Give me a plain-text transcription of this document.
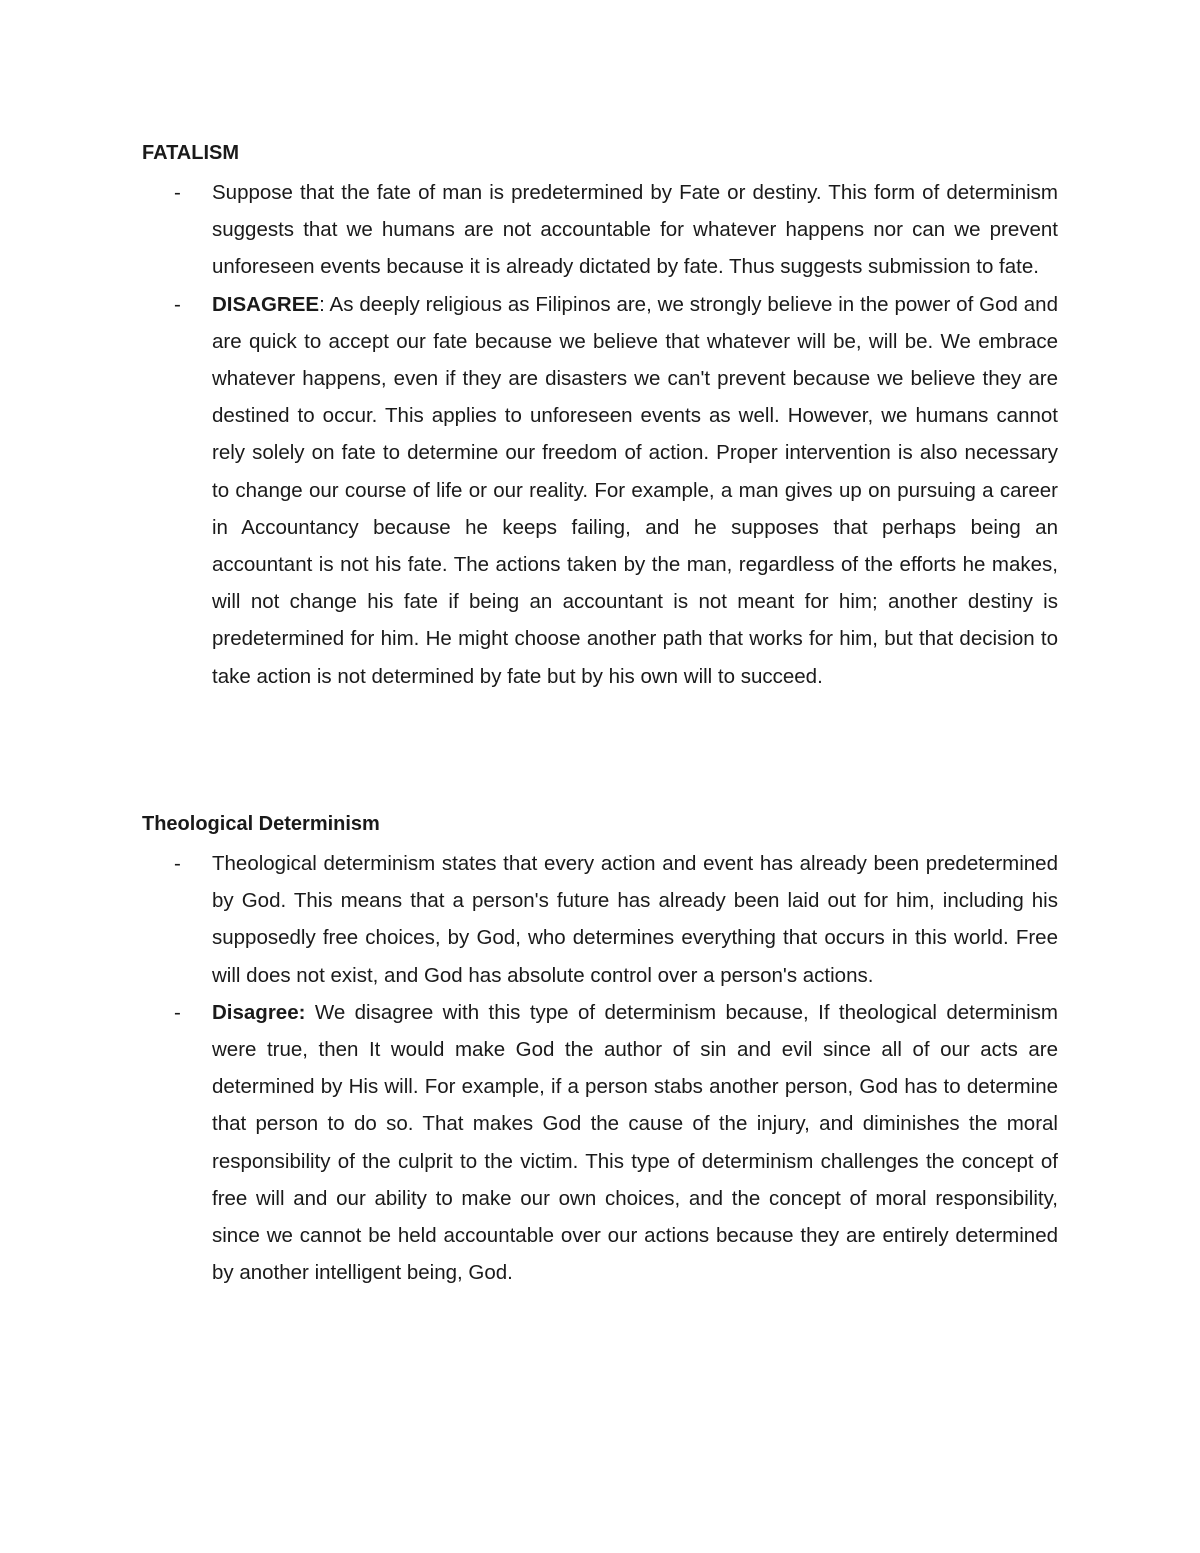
FATALISM
- Suppose that the fate of man is predetermined by Fate or destiny. This form of determinism suggests that we humans are not accountable for whatever happens nor can we prevent unforeseen events because it is already dictated by fate. Thus suggests submission to fate.
- DISAGREE: As deeply religious as Filipinos are, we strongly believe in the power of God and are quick to accept our fate because we believe that whatever will be, will be. We embrace whatever happens, even if they are disasters we can't prevent because we believe they are destined to occur. This applies to unforeseen events as well. However, we humans cannot rely solely on fate to determine our freedom of action. Proper intervention is also necessary to change our course of life or our reality. For example, a man gives up on pursuing a career in Accountancy because he keeps failing, and he supposes that perhaps being an accountant is not his fate. The actions taken by the man, regardless of the efforts he makes, will not change his fate if being an accountant is not meant for him; another destiny is predetermined for him. He might choose another path that works for him, but that decision to take action is not determined by fate but by his own will to succeed.
Theological Determinism
- Theological determinism states that every action and event has already been predetermined by God. This means that a person's future has already been laid out for him, including his supposedly free choices, by God, who determines everything that occurs in this world. Free will does not exist, and God has absolute control over a person's actions.
- Disagree: We disagree with this type of determinism because, If theological determinism were true, then It would make God the author of sin and evil since all of our acts are determined by His will. For example, if a person stabs another person, God has to determine that person to do so. That makes God the cause of the injury, and diminishes the moral responsibility of the culprit to the victim. This type of determinism challenges the concept of free will and our ability to make our own choices, and the concept of moral responsibility, since we cannot be held accountable over our actions because they are entirely determined by another intelligent being, God.
